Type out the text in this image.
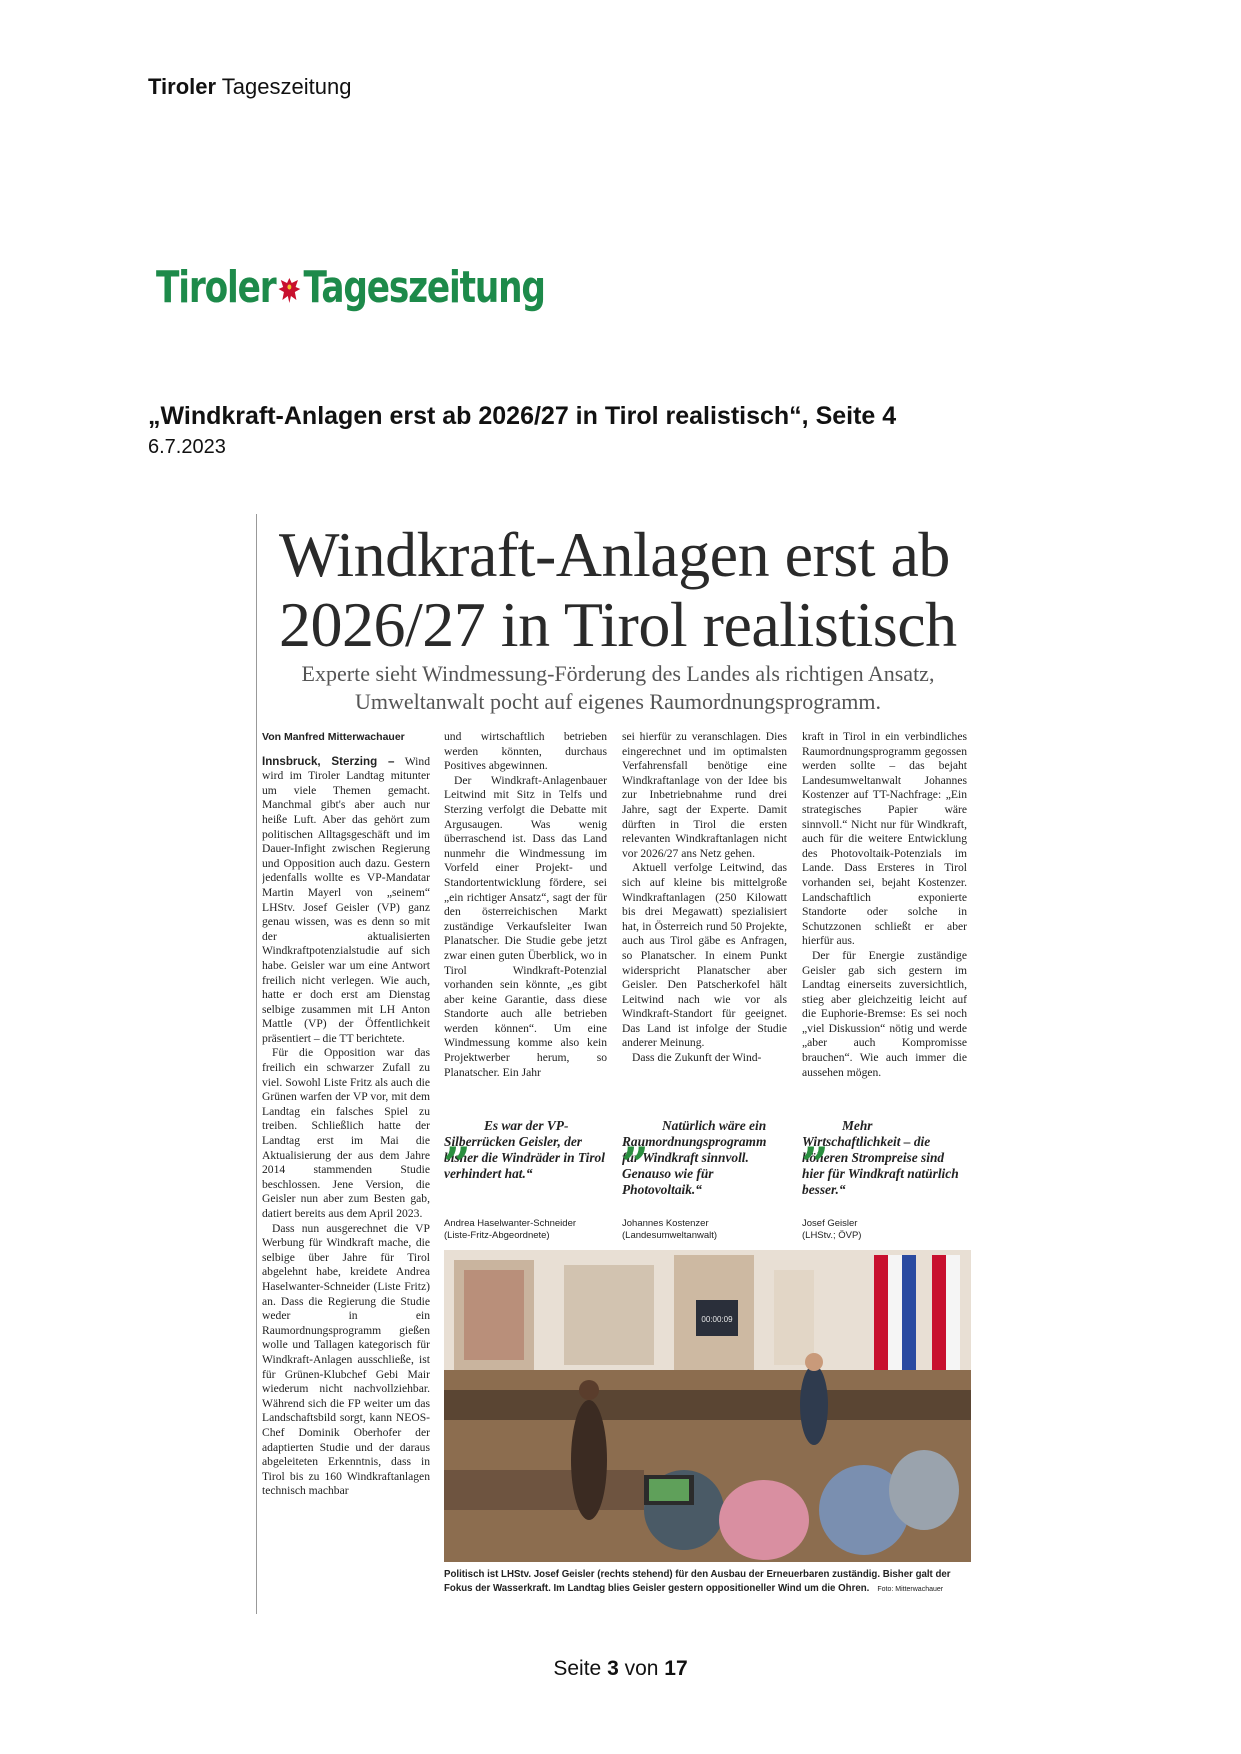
Tiroler Tageszeitung
Tiroler Tageszeitung
„Windkraft-Anlagen erst ab 2026/27 in Tirol realistisch“, Seite 4
6.7.2023
Windkraft-Anlagen erst ab 2026/27 in Tirol realistisch
Experte sieht Windmessung-Förderung des Landes als richtigen Ansatz,
Umweltanwalt pocht auf eigenes Raumordnungsprogramm.
Von Manfred Mitterwachauer

Innsbruck, Sterzing – Wind wird im Tiroler Landtag mitunter um viele Themen gemacht. Manchmal gibt's aber auch nur heiße Luft. Aber das gehört zum politischen Alltagsgeschäft und im Dauer-Infight zwischen Regierung und Opposition auch dazu. Gestern jedenfalls wollte es VP-Mandatar Martin Mayerl von „seinem“ LHStv. Josef Geisler (VP) ganz genau wissen, was es denn so mit der aktualisierten Windkraftpotenzialstudie auf sich habe. Geisler war um eine Antwort freilich nicht verlegen. Wie auch, hatte er doch erst am Dienstag selbige zusammen mit LH Anton Mattle (VP) der Öffentlichkeit präsentiert – die TT berichtete.

Für die Opposition war das freilich ein schwarzer Zufall zu viel. Sowohl Liste Fritz als auch die Grünen warfen der VP vor, mit dem Landtag ein falsches Spiel zu treiben. Schließlich hatte der Landtag erst im Mai die Aktualisierung der aus dem Jahre 2014 stammenden Studie beschlossen. Jene Version, die Geisler nun aber zum Besten gab, datiert bereits aus dem April 2023.

Dass nun ausgerechnet die VP Werbung für Windkraft mache, die selbige über Jahre für Tirol abgelehnt habe, kreidete Andrea Haselwanter-Schneider (Liste Fritz) an. Dass die Regierung die Studie weder in ein Raumordnungsprogramm gießen wolle und Tallagen kategorisch für Windkraft-Anlagen ausschließe, ist für Grünen-Klubchef Gebi Mair wiederum nicht nachvollziehbar. Während sich die FP weiter um das Landschaftsbild sorgt, kann NEOS-Chef Dominik Oberhofer der adaptierten Studie und der daraus abgeleiteten Erkenntnis, dass in Tirol bis zu 160 Windkraftanlagen technisch machbar

und wirtschaftlich betrieben werden könnten, durchaus Positives abgewinnen.

Der Windkraft-Anlagenbauer Leitwind mit Sitz in Telfs und Sterzing verfolgt die Debatte mit Argusaugen. Was wenig überraschend ist. Dass das Land nunmehr die Windmessung im Vorfeld einer Projekt- und Standortentwicklung fördere, sei „ein richtiger Ansatz“, sagt der für den österreichischen Markt zuständige Verkaufsleiter Iwan Planatscher. Die Studie gebe jetzt zwar einen guten Überblick, wo in Tirol Windkraft-Potenzial vorhanden sein könnte, „es gibt aber keine Garantie, dass diese Standorte auch alle betrieben werden können“. Um eine Windmessung komme also kein Projektwerber herum, so Planatscher. Ein Jahr

sei hierfür zu veranschlagen. Dies eingerechnet und im optimalsten Verfahrensfall benötige eine Windkraftanlage von der Idee bis zur Inbetriebnahme rund drei Jahre, sagt der Experte. Damit dürften in Tirol die ersten relevanten Windkraftanlagen nicht vor 2026/27 ans Netz gehen.

Aktuell verfolge Leitwind, das sich auf kleine bis mittelgroße Windkraftanlagen (250 Kilowatt bis drei Megawatt) spezialisiert hat, in Österreich rund 50 Projekte, auch aus Tirol gäbe es Anfragen, so Planatscher. In einem Punkt widerspricht Planatscher aber Geisler. Den Patscherkofel hält Leitwind nach wie vor als Windkraft-Standort für geeignet. Das Land ist infolge der Studie anderer Meinung.

Dass die Zukunft der Wind-

kraft in Tirol in ein verbindliches Raumordnungsprogramm gegossen werden sollte – das bejaht Landesumweltanwalt Johannes Kostenzer auf TT-Nachfrage: „Ein strategisches Papier wäre sinnvoll.“ Nicht nur für Windkraft, auch für die weitere Entwicklung des Photovoltaik-Potenzials im Lande. Dass Ersteres in Tirol vorhanden sei, bejaht Kostenzer. Landschaftlich exponierte Standorte oder solche in Schutzzonen schließt er aber hierfür aus.

Der für Energie zuständige Geisler gab sich gestern im Landtag einerseits zuversichtlich, stieg aber gleichzeitig leicht auf die Euphorie-Bremse: Es sei noch „viel Diskussion“ nötig und werde „aber auch Kompromisse brauchen“. Wie auch immer die aussehen mögen.

„ Es war der VP-Silberrücken Geisler, der bisher die Windräder in Tirol verhindert hat.“
Andrea Haselwanter-Schneider
(Liste-Fritz-Abgeordnete)
„ Natürlich wäre ein Raumordnungsprogramm für Windkraft sinnvoll. Genauso wie für Photovoltaik.“
Johannes Kostenzer
(Landesumweltanwalt)
„ Mehr Wirtschaftlichkeit – die höheren Strompreise sind hier für Windkraft natürlich besser.“
Josef Geisler
(LHStv.; ÖVP)
00:00:09
Politisch ist LHStv. Josef Geisler (rechts stehend) für den Ausbau der Erneuerbaren zuständig. Bisher galt der Fokus der Wasserkraft. Im Landtag blies Geisler gestern oppositioneller Wind um die Ohren. Foto: Mitterwachauer
Seite 3 von 17
